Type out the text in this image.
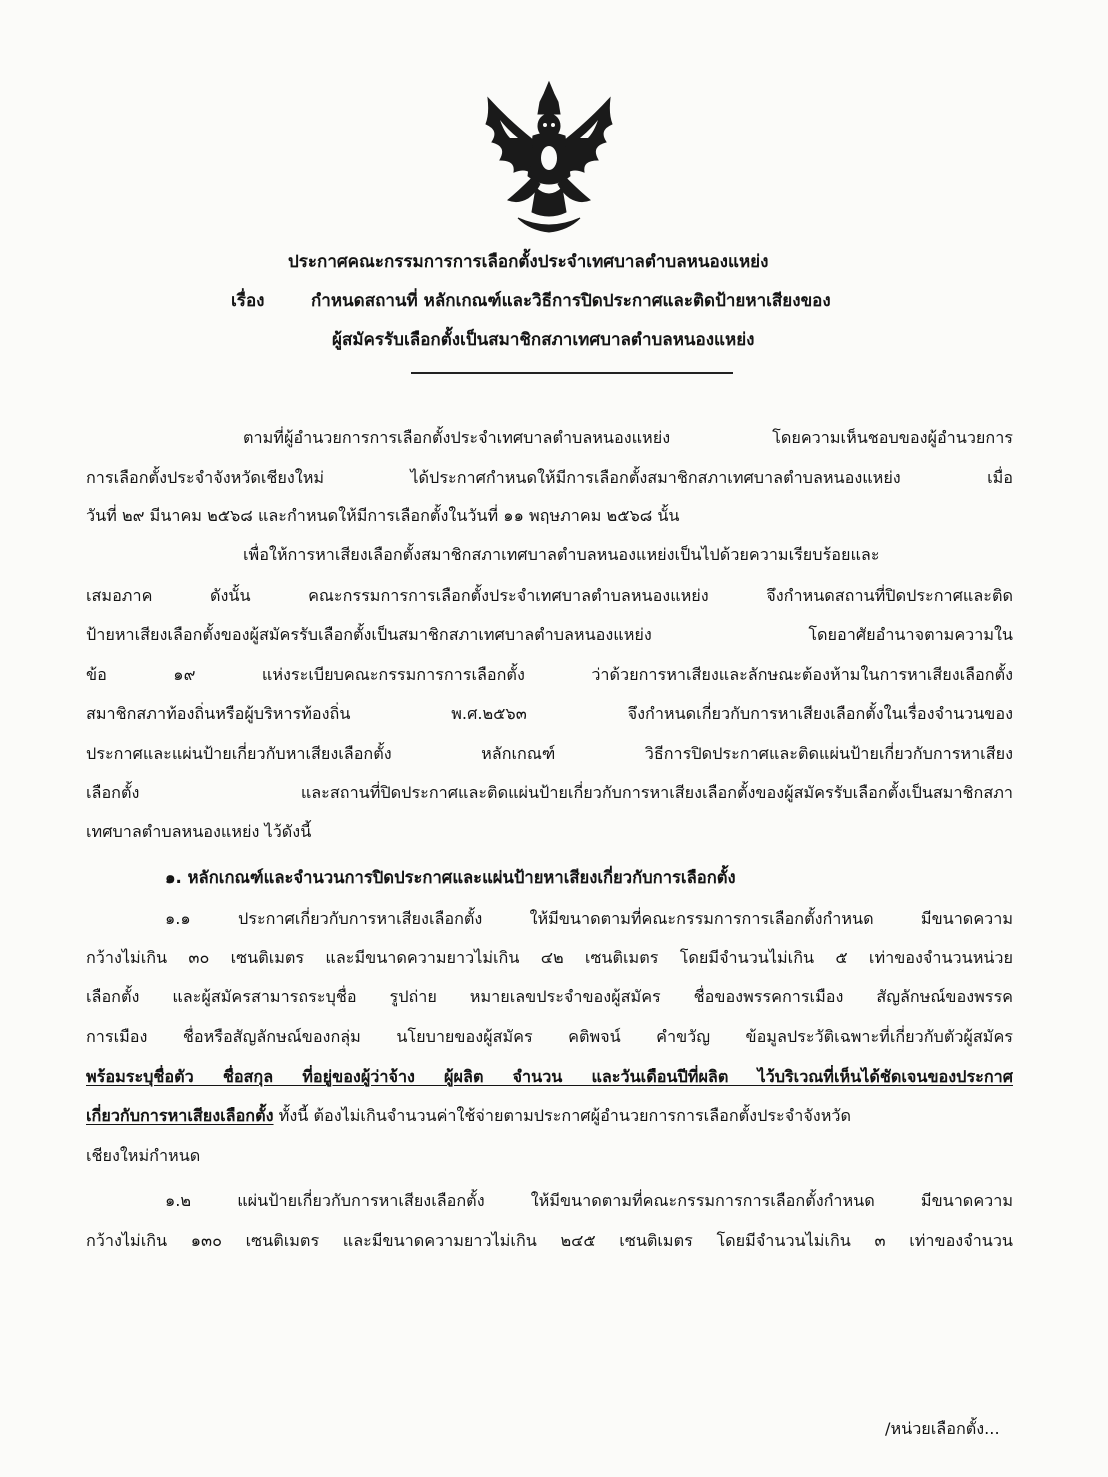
ประกาศคณะกรรมการการเลือกตั้งประจำเทศบาลตำบลหนองแหย่ง
เรื่อง	กำหนดสถานที่ หลักเกณฑ์และวิธีการปิดประกาศและติดป้ายหาเสียงของ
ผู้สมัครรับเลือกตั้งเป็นสมาชิกสภาเทศบาลตำบลหนองแหย่ง
ตามที่ผู้อำนวยการการเลือกตั้งประจำเทศบาลตำบลหนองแหย่ง โดยความเห็นชอบของผู้อำนวยการ
การเลือกตั้งประจำจังหวัดเชียงใหม่ ได้ประกาศกำหนดให้มีการเลือกตั้งสมาชิกสภาเทศบาลตำบลหนองแหย่ง เมื่อ
วันที่ ๒๙ มีนาคม ๒๕๖๘ และกำหนดให้มีการเลือกตั้งในวันที่ ๑๑ พฤษภาคม ๒๕๖๘ นั้น
เพื่อให้การหาเสียงเลือกตั้งสมาชิกสภาเทศบาลตำบลหนองแหย่งเป็นไปด้วยความเรียบร้อยและ
เสมอภาค ดังนั้น คณะกรรมการการเลือกตั้งประจำเทศบาลตำบลหนองแหย่ง จึงกำหนดสถานที่ปิดประกาศและติด
ป้ายหาเสียงเลือกตั้งของผู้สมัครรับเลือกตั้งเป็นสมาชิกสภาเทศบาลตำบลหนองแหย่ง โดยอาศัยอำนาจตามความใน
ข้อ ๑๙ แห่งระเบียบคณะกรรมการการเลือกตั้ง ว่าด้วยการหาเสียงและลักษณะต้องห้ามในการหาเสียงเลือกตั้ง
สมาชิกสภาท้องถิ่นหรือผู้บริหารท้องถิ่น พ.ศ.๒๕๖๓ จึงกำหนดเกี่ยวกับการหาเสียงเลือกตั้งในเรื่องจำนวนของ
ประกาศและแผ่นป้ายเกี่ยวกับหาเสียงเลือกตั้ง หลักเกณฑ์ วิธีการปิดประกาศและติดแผ่นป้ายเกี่ยวกับการหาเสียง
เลือกตั้ง และสถานที่ปิดประกาศและติดแผ่นป้ายเกี่ยวกับการหาเสียงเลือกตั้งของผู้สมัครรับเลือกตั้งเป็นสมาชิกสภา
เทศบาลตำบลหนองแหย่ง ไว้ดังนี้
๑. หลักเกณฑ์และจำนวนการปิดประกาศและแผ่นป้ายหาเสียงเกี่ยวกับการเลือกตั้ง
๑.๑ ประกาศเกี่ยวกับการหาเสียงเลือกตั้ง ให้มีขนาดตามที่คณะกรรมการการเลือกตั้งกำหนด มีขนาดความ
กว้างไม่เกิน ๓๐ เซนติเมตร และมีขนาดความยาวไม่เกิน ๔๒ เซนติเมตร โดยมีจำนวนไม่เกิน ๕ เท่าของจำนวนหน่วย
เลือกตั้ง และผู้สมัครสามารถระบุชื่อ รูปถ่าย หมายเลขประจำของผู้สมัคร ชื่อของพรรคการเมือง สัญลักษณ์ของพรรค
การเมือง ชื่อหรือสัญลักษณ์ของกลุ่ม นโยบายของผู้สมัคร คติพจน์ คำขวัญ ข้อมูลประวัติเฉพาะที่เกี่ยวกับตัวผู้สมัคร
พร้อมระบุชื่อตัว ชื่อสกุล ที่อยู่ของผู้ว่าจ้าง ผู้ผลิต จำนวน และวันเดือนปีที่ผลิต ไว้บริเวณที่เห็นได้ชัดเจนของประกาศ
เกี่ยวกับการหาเสียงเลือกตั้ง ทั้งนี้ ต้องไม่เกินจำนวนค่าใช้จ่ายตามประกาศผู้อำนวยการการเลือกตั้งประจำจังหวัด
เชียงใหม่กำหนด
๑.๒ แผ่นป้ายเกี่ยวกับการหาเสียงเลือกตั้ง ให้มีขนาดตามที่คณะกรรมการการเลือกตั้งกำหนด มีขนาดความ
กว้างไม่เกิน ๑๓๐ เซนติเมตร และมีขนาดความยาวไม่เกิน ๒๔๕ เซนติเมตร โดยมีจำนวนไม่เกิน ๓ เท่าของจำนวน
/หน่วยเลือกตั้ง...
